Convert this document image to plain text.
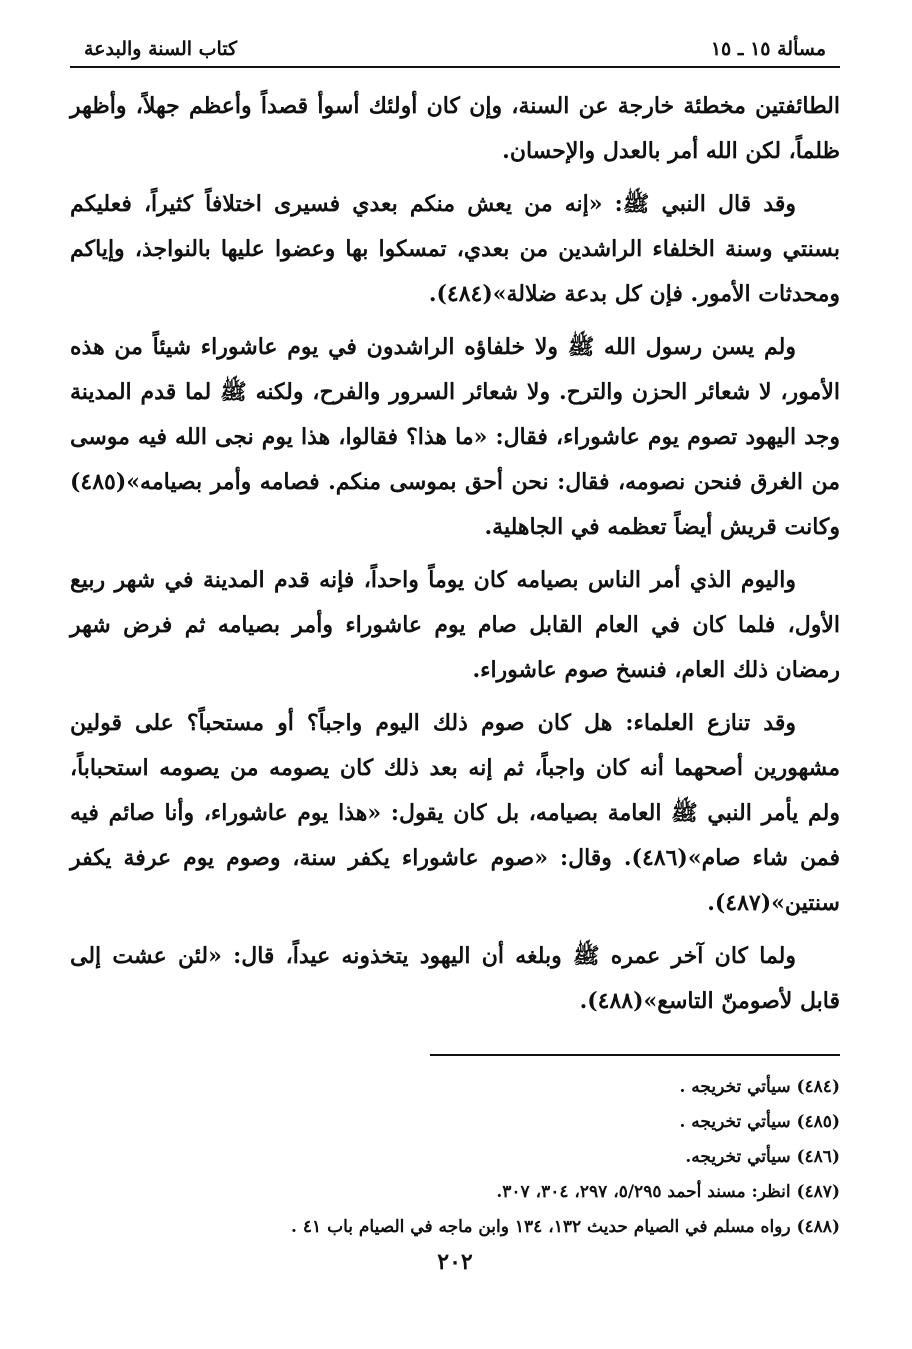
مسألة ١٥ ـ ١٥
كتاب السنة والبدعة

الطائفتين مخطئة خارجة عن السنة، وإن كان أولئك أسوأ قصداً وأعظم جهلاً، وأظهر ظلماً، لكن الله أمر بالعدل والإحسان.

وقد قال النبي ﷺ: «إنه من يعش منكم بعدي فسيرى اختلافاً كثيراً، فعليكم بسنتي وسنة الخلفاء الراشدين من بعدي، تمسكوا بها وعضوا عليها بالنواجذ، وإياكم ومحدثات الأمور. فإن كل بدعة ضلالة»(٤٨٤).

ولم يسن رسول الله ﷺ ولا خلفاؤه الراشدون في يوم عاشوراء شيئاً من هذه الأمور، لا شعائر الحزن والترح. ولا شعائر السرور والفرح، ولكنه ﷺ لما قدم المدينة وجد اليهود تصوم يوم عاشوراء، فقال: «ما هذا؟ فقالوا، هذا يوم نجى الله فيه موسى من الغرق فنحن نصومه، فقال: نحن أحق بموسى منكم. فصامه وأمر بصيامه»(٤٨٥) وكانت قريش أيضاً تعظمه في الجاهلية.

واليوم الذي أمر الناس بصيامه كان يوماً واحداً، فإنه قدم المدينة في شهر ربيع الأول، فلما كان في العام القابل صام يوم عاشوراء وأمر بصيامه ثم فرض شهر رمضان ذلك العام، فنسخ صوم عاشوراء.

وقد تنازع العلماء: هل كان صوم ذلك اليوم واجباً؟ أو مستحباً؟ على قولين مشهورين أصحهما أنه كان واجباً، ثم إنه بعد ذلك كان يصومه من يصومه استحباباً، ولم يأمر النبي ﷺ العامة بصيامه، بل كان يقول: «هذا يوم عاشوراء، وأنا صائم فيه فمن شاء صام»(٤٨٦). وقال: «صوم عاشوراء يكفر سنة، وصوم يوم عرفة يكفر سنتين»(٤٨٧).

ولما كان آخر عمره ﷺ وبلغه أن اليهود يتخذونه عيداً، قال: «لئن عشت إلى قابل لأصومنّ التاسع»(٤٨٨).

(٤٨٤) سيأتي تخريجه .
(٤٨٥) سيأتي تخريجه .
(٤٨٦) سيأتي تخريجه.
(٤٨٧) انظر: مسند أحمد ٥/٢٩٥، ٢٩٧، ٣٠٤، ٣٠٧.
(٤٨٨) رواه مسلم في الصيام حديث ١٣٢، ١٣٤ وابن ماجه في الصيام باب ٤١ .
٢٠٢
